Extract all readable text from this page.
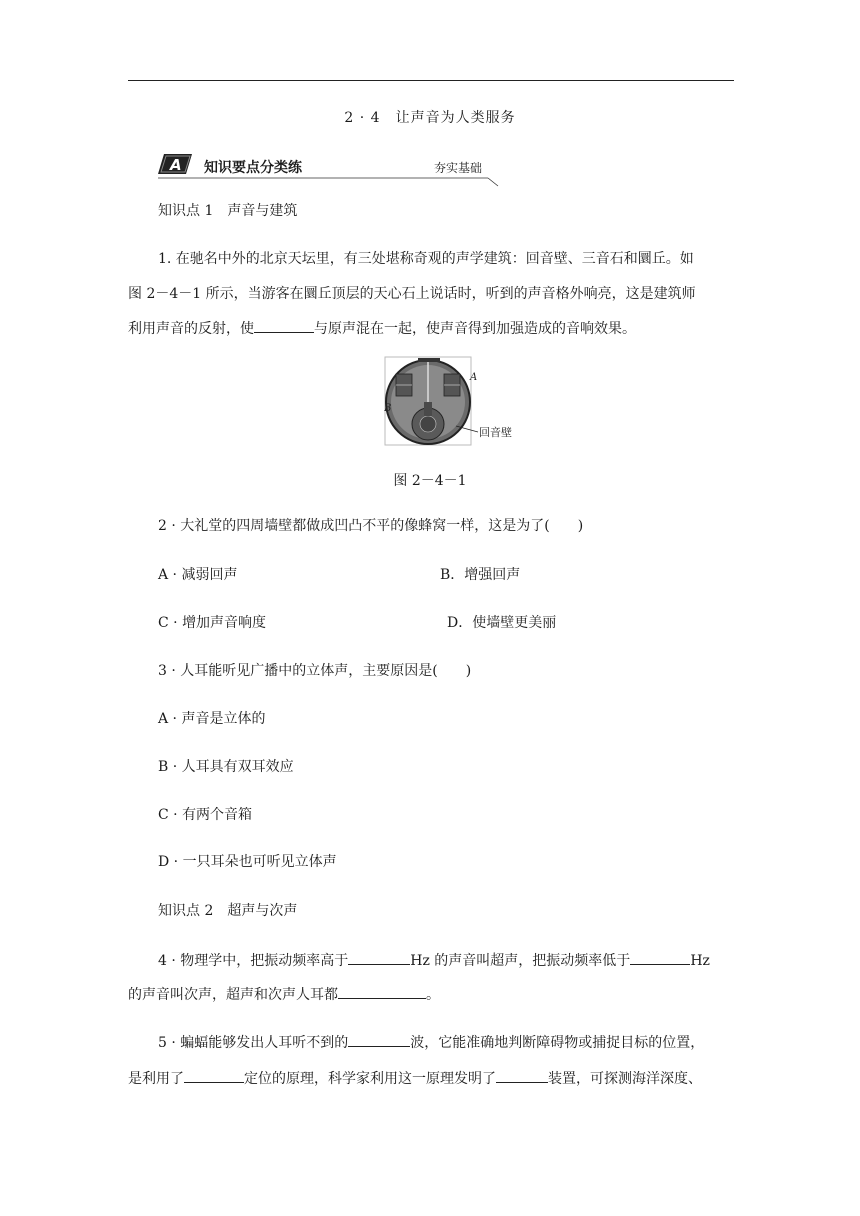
2 · 4　让声音为人类服务
A 知识要点分类练	夯实基础
知识点 1　声音与建筑
1. 在驰名中外的北京天坛里，有三处堪称奇观的声学建筑：回音壁、三音石和圜丘。如
图 2－4－1 所示，当游客在圜丘顶层的天心石上说话时，听到的声音格外响亮，这是建筑师
利用声音的反射，使	与原声混在一起，使声音得到加强造成的音响效果。
A
B
回音壁
图 2－4－1
2 · 大礼堂的四周墙壁都做成凹凸不平的像蜂窝一样，这是为了(　　)
A · 减弱回声	B．增强回声
C · 增加声音响度	D．使墙壁更美丽
3 · 人耳能听见广播中的立体声，主要原因是(　　)
A · 声音是立体的
B · 人耳具有双耳效应
C · 有两个音箱
D · 一只耳朵也可听见立体声
知识点 2　超声与次声
4 · 物理学中，把振动频率高于	Hz 的声音叫超声，把振动频率低于	Hz
的声音叫次声，超声和次声人耳都	。
5 · 蝙蝠能够发出人耳听不到的	波，它能准确地判断障碍物或捕捉目标的位置，
是利用了	定位的原理，科学家利用这一原理发明了	装置，可探测海洋深度、
